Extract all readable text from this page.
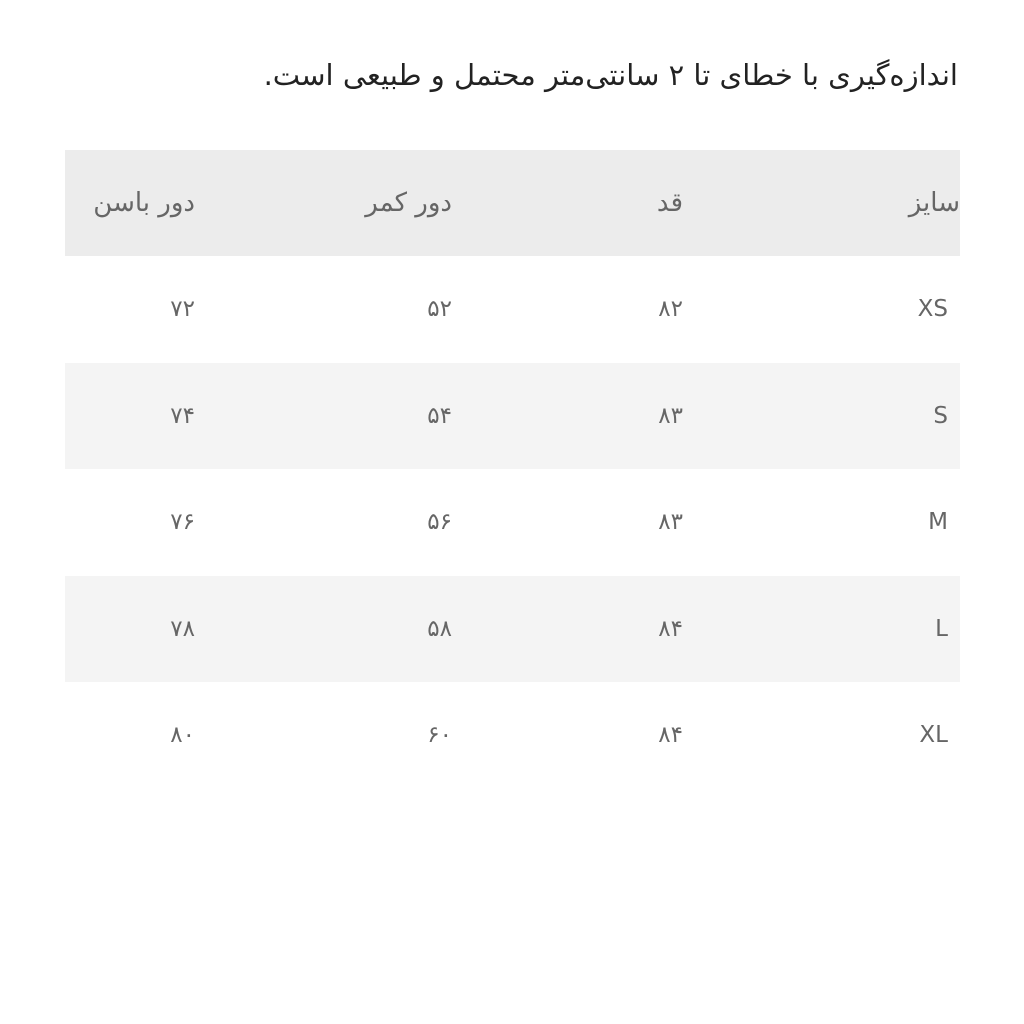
اندازه‌گیری با خطای تا ۲ سانتی‌متر محتمل و طبیعی است.
سایز	قد	دور کمر	دور باسن
XS	۸۲	۵۲	۷۲
S	۸۳	۵۴	۷۴
M	۸۳	۵۶	۷۶
L	۸۴	۵۸	۷۸
XL	۸۴	۶۰	۸۰
